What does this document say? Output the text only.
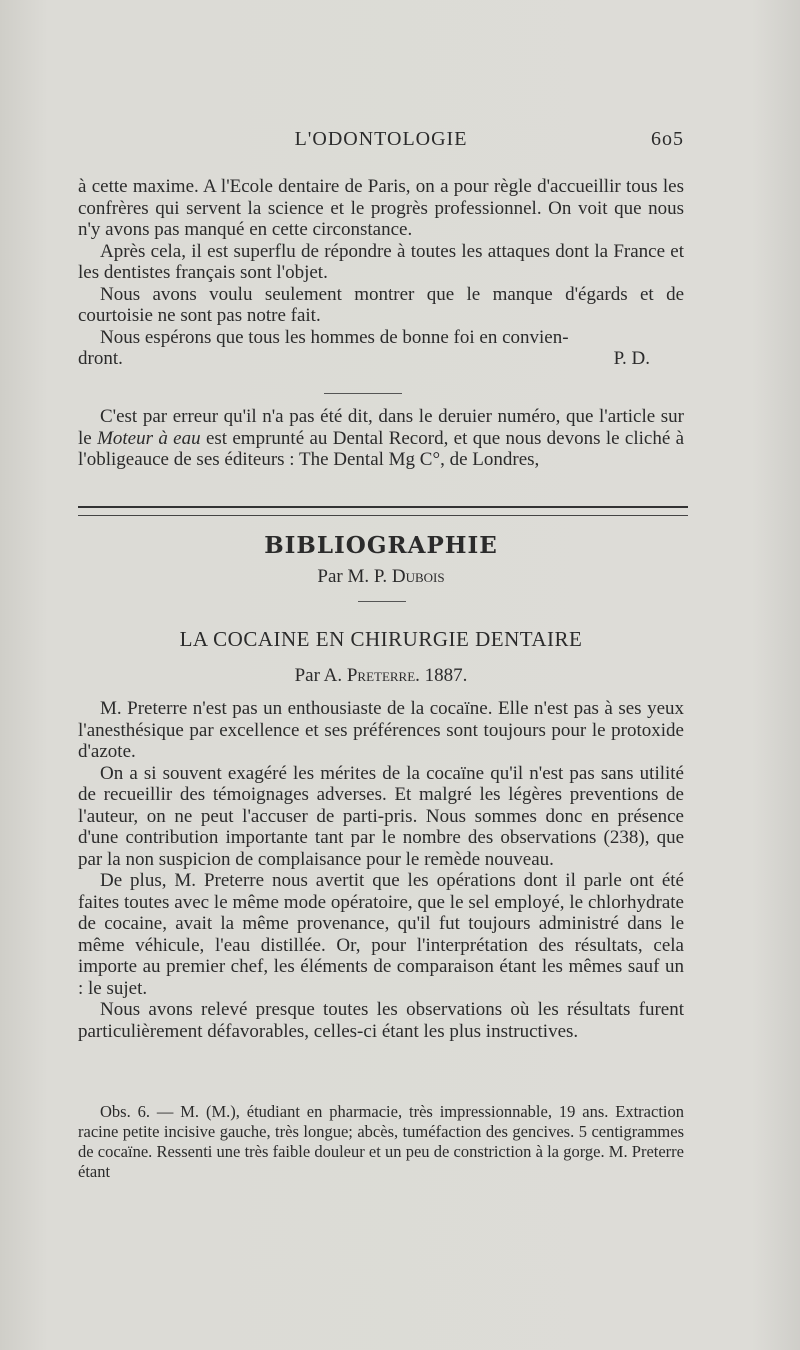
L'ODONTOLOGIE	6o5

à cette maxime. A l'Ecole dentaire de Paris, on a pour règle d'accueillir tous les confrères qui servent la science et le progrès professionnel. On voit que nous n'y avons pas manqué en cette circonstance.

Après cela, il est superflu de répondre à toutes les attaques dont la France et les dentistes français sont l'objet.

Nous avons voulu seulement montrer que le manque d'égards et de courtoisie ne sont pas notre fait.

Nous espérons que tous les hommes de bonne foi en convien-

dront.	P. D.

C'est par erreur qu'il n'a pas été dit, dans le deruier numéro, que l'article sur le Moteur à eau est emprunté au Dental Record, et que nous devons le cliché à l'obligeauce de ses éditeurs : The Dental Mg C°, de Londres,

BIBLIOGRAPHIE
Par M. P. Dubois
LA COCAINE EN CHIRURGIE DENTAIRE
Par A. Preterre. 1887.

M. Preterre n'est pas un enthousiaste de la cocaïne. Elle n'est pas à ses yeux l'anesthésique par excellence et ses préférences sont toujours pour le protoxide d'azote.

On a si souvent exagéré les mérites de la cocaïne qu'il n'est pas sans utilité de recueillir des témoignages adverses. Et malgré les légères preventions de l'auteur, on ne peut l'accuser de parti-pris. Nous sommes donc en présence d'une contribution importante tant par le nombre des observations (238), que par la non suspicion de complaisance pour le remède nouveau.

De plus, M. Preterre nous avertit que les opérations dont il parle ont été faites toutes avec le même mode opératoire, que le sel employé, le chlorhydrate de cocaine, avait la même provenance, qu'il fut toujours administré dans le même véhicule, l'eau distillée. Or, pour l'interprétation des résultats, cela importe au premier chef, les éléments de comparaison étant les mêmes sauf un : le sujet.

Nous avons relevé presque toutes les observations où les résultats furent particulièrement défavorables, celles-ci étant les plus instructives.

Obs. 6. — M. (M.), étudiant en pharmacie, très impressionnable, 19 ans. Extraction racine petite incisive gauche, très longue; abcès, tuméfaction des gencives. 5 centigrammes de cocaïne. Ressenti une très faible douleur et un peu de constriction à la gorge. M. Preterre étant
